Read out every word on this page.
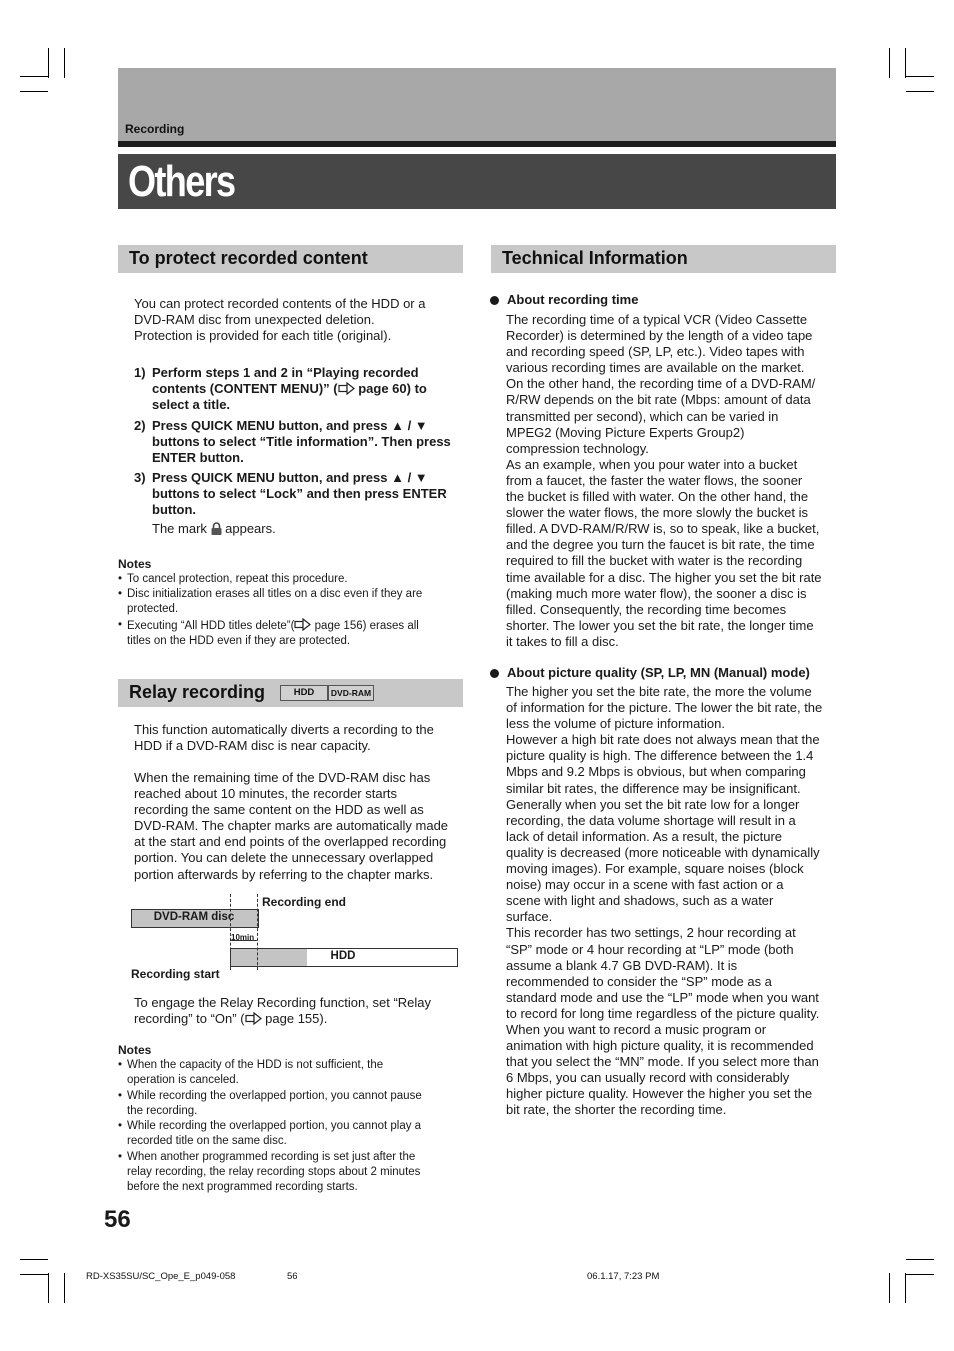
Recording
Others
To protect recorded content
You can protect recorded contents of the HDD or a
DVD-RAM disc from unexpected deletion.
Protection is provided for each title (original).
1) Perform steps 1 and 2 in “Playing recorded
contents (CONTENT MENU)” ( page 60) to
select a title.
2) Press QUICK MENU button, and press ▲ / ▼
buttons to select “Title information”. Then press
ENTER button.
3) Press QUICK MENU button, and press ▲ / ▼
buttons to select “Lock” and then press ENTER
button.
The mark  appears.
Notes
• To cancel protection, repeat this procedure.
• Disc initialization erases all titles on a disc even if they are
protected.
• Executing “All HDD titles delete”( page 156) erases all
titles on the HDD even if they are protected.
Relay recording	HDD	DVD-RAM
This function automatically diverts a recording to the
HDD if a DVD-RAM disc is near capacity.
When the remaining time of the DVD-RAM disc has
reached about 10 minutes, the recorder starts
recording the same content on the HDD as well as
DVD-RAM. The chapter marks are automatically made
at the start and end points of the overlapped recording
portion. You can delete the unnecessary overlapped
portion afterwards by referring to the chapter marks.
DVD-RAM disc
HDD
Recording end
10min
Recording start
To engage the Relay Recording function, set “Relay
recording” to “On” ( page 155).
Notes
• When the capacity of the HDD is not sufficient, the
operation is canceled.
• While recording the overlapped portion, you cannot pause
the recording.
• While recording the overlapped portion, you cannot play a
recorded title on the same disc.
• When another programmed recording is set just after the
relay recording, the relay recording stops about 2 minutes
before the next programmed recording starts.
Technical Information
About recording time
The recording time of a typical VCR (Video Cassette
Recorder) is determined by the length of a video tape
and recording speed (SP, LP, etc.). Video tapes with
various recording times are available on the market.
On the other hand, the recording time of a DVD-RAM/
R/RW depends on the bit rate (Mbps: amount of data
transmitted per second), which can be varied in
MPEG2 (Moving Picture Experts Group2)
compression technology.
As an example, when you pour water into a bucket
from a faucet, the faster the water flows, the sooner
the bucket is filled with water. On the other hand, the
slower the water flows, the more slowly the bucket is
filled. A DVD-RAM/R/RW is, so to speak, like a bucket,
and the degree you turn the faucet is bit rate, the time
required to fill the bucket with water is the recording
time available for a disc. The higher you set the bit rate
(making much more water flow), the sooner a disc is
filled. Consequently, the recording time becomes
shorter. The lower you set the bit rate, the longer time
it takes to fill a disc.
About picture quality (SP, LP, MN (Manual) mode)
The higher you set the bite rate, the more the volume
of information for the picture. The lower the bit rate, the
less the volume of picture information.
However a high bit rate does not always mean that the
picture quality is high. The difference between the 1.4
Mbps and 9.2 Mbps is obvious, but when comparing
similar bit rates, the difference may be insignificant.
Generally when you set the bit rate low for a longer
recording, the data volume shortage will result in a
lack of detail information. As a result, the picture
quality is decreased (more noticeable with dynamically
moving images). For example, square noises (block
noise) may occur in a scene with fast action or a
scene with light and shadows, such as a water
surface.
This recorder has two settings, 2 hour recording at
“SP” mode or 4 hour recording at “LP” mode (both
assume a blank 4.7 GB DVD-RAM). It is
recommended to consider the “SP” mode as a
standard mode and use the “LP” mode when you want
to record for long time regardless of the picture quality.
When you want to record a music program or
animation with high picture quality, it is recommended
that you select the “MN” mode. If you select more than
6 Mbps, you can usually record with considerably
higher picture quality. However the higher you set the
bit rate, the shorter the recording time.
56
RD-XS35SU/SC_Ope_E_p049-058	56	06.1.17, 7:23 PM
